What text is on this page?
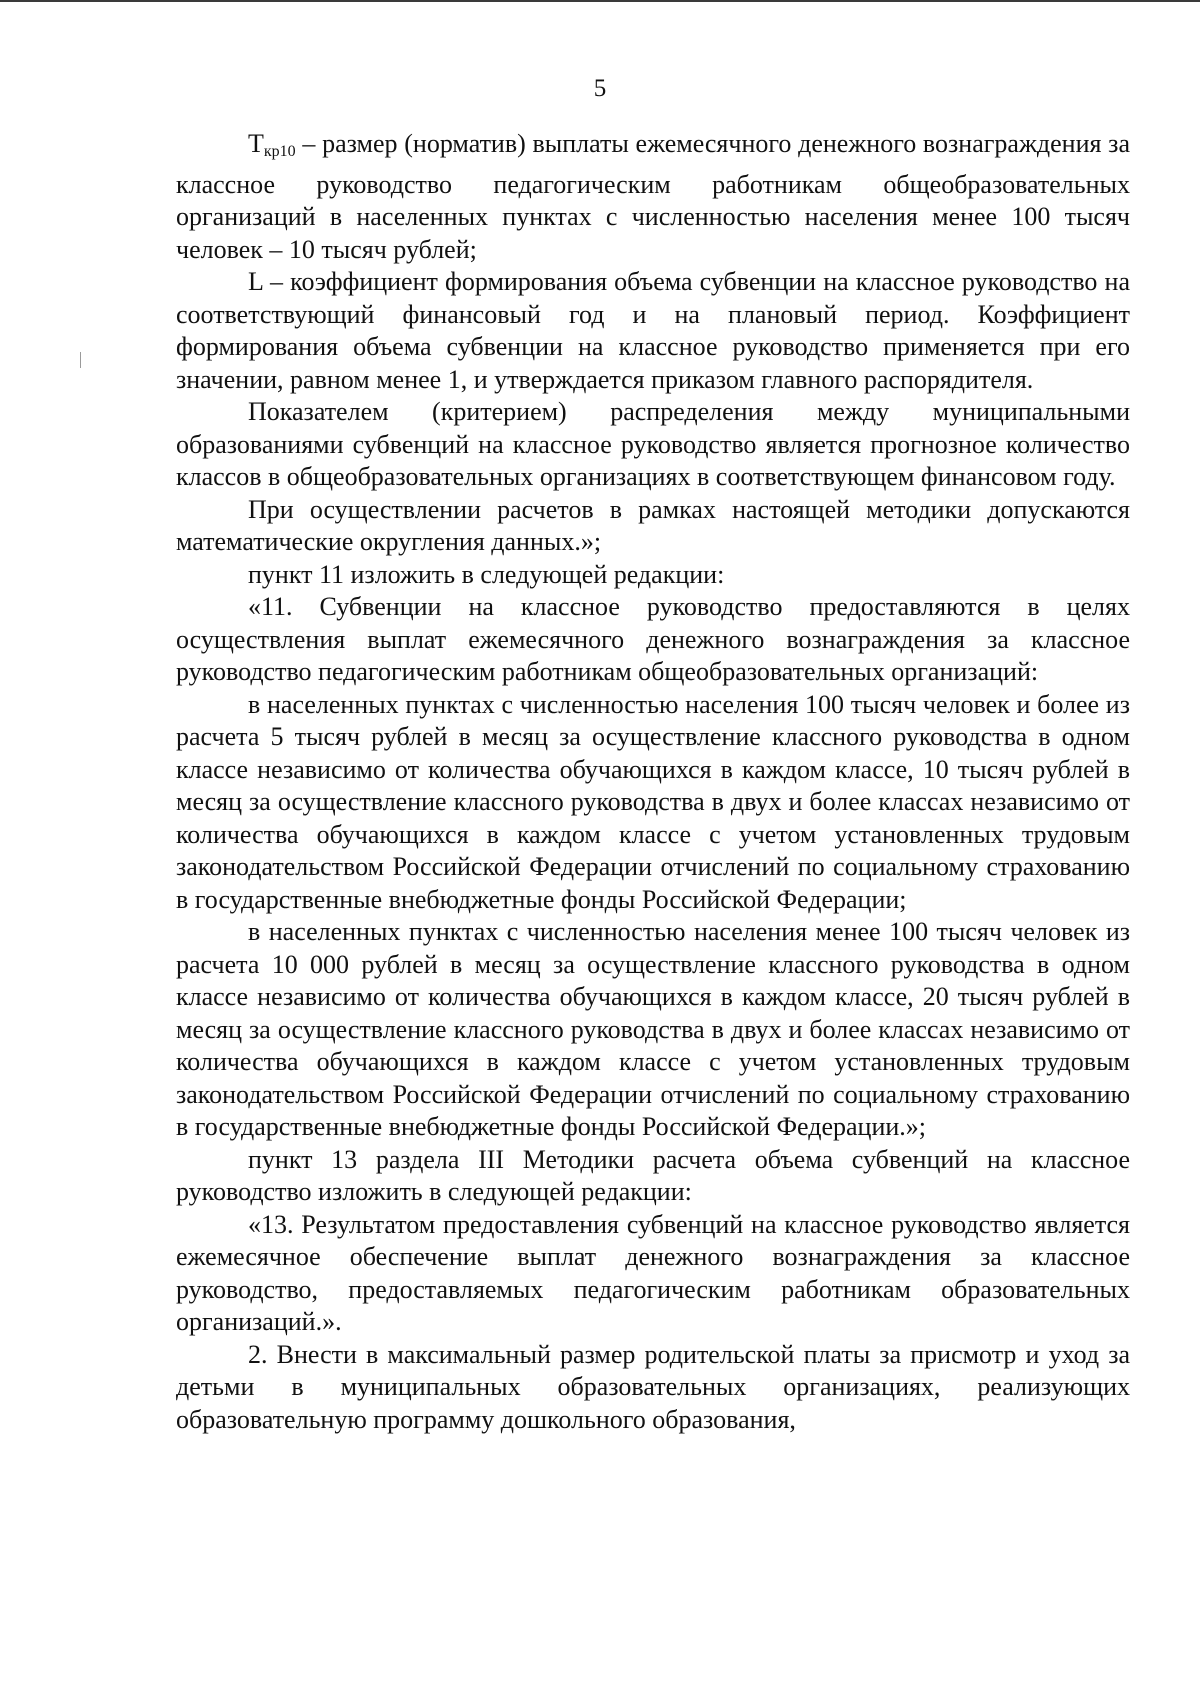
5

$T_{кр10}$ – размер (норматив) выплаты ежемесячного денежного вознаграждения за классное руководство педагогическим работникам общеобразовательных организаций в населенных пунктах с численностью населения менее 100 тысяч человек – 10 тысяч рублей;

L – коэффициент формирования объема субвенции на классное руководство на соответствующий финансовый год и на плановый период. Коэффициент формирования объема субвенции на классное руководство применяется при его значении, равном менее 1, и утверждается приказом главного распорядителя.

Показателем (критерием) распределения между муниципальными образованиями субвенций на классное руководство является прогнозное количество классов в общеобразовательных организациях в соответствующем финансовом году.

При осуществлении расчетов в рамках настоящей методики допускаются математические округления данных.»;

пункт 11 изложить в следующей редакции:

«11. Субвенции на классное руководство предоставляются в целях осуществления выплат ежемесячного денежного вознаграждения за классное руководство педагогическим работникам общеобразовательных организаций:

в населенных пунктах с численностью населения 100 тысяч человек и более из расчета 5 тысяч рублей в месяц за осуществление классного руководства в одном классе независимо от количества обучающихся в каждом классе, 10 тысяч рублей в месяц за осуществление классного руководства в двух и более классах независимо от количества обучающихся в каждом классе с учетом установленных трудовым законодательством Российской Федерации отчислений по социальному страхованию в государственные внебюджетные фонды Российской Федерации;

в населенных пунктах с численностью населения менее 100 тысяч человек из расчета 10 000 рублей в месяц за осуществление классного руководства в одном классе независимо от количества обучающихся в каждом классе, 20 тысяч рублей в месяц за осуществление классного руководства в двух и более классах независимо от количества обучающихся в каждом классе с учетом установленных трудовым законодательством Российской Федерации отчислений по социальному страхованию в государственные внебюджетные фонды Российской Федерации.»;

пункт 13 раздела III Методики расчета объема субвенций на классное руководство изложить в следующей редакции:

«13. Результатом предоставления субвенций на классное руководство является ежемесячное обеспечение выплат денежного вознаграждения за классное руководство, предоставляемых педагогическим работникам образовательных организаций.».

2. Внести в максимальный размер родительской платы за присмотр и уход за детьми в муниципальных образовательных организациях, реализующих образовательную программу дошкольного образования,
